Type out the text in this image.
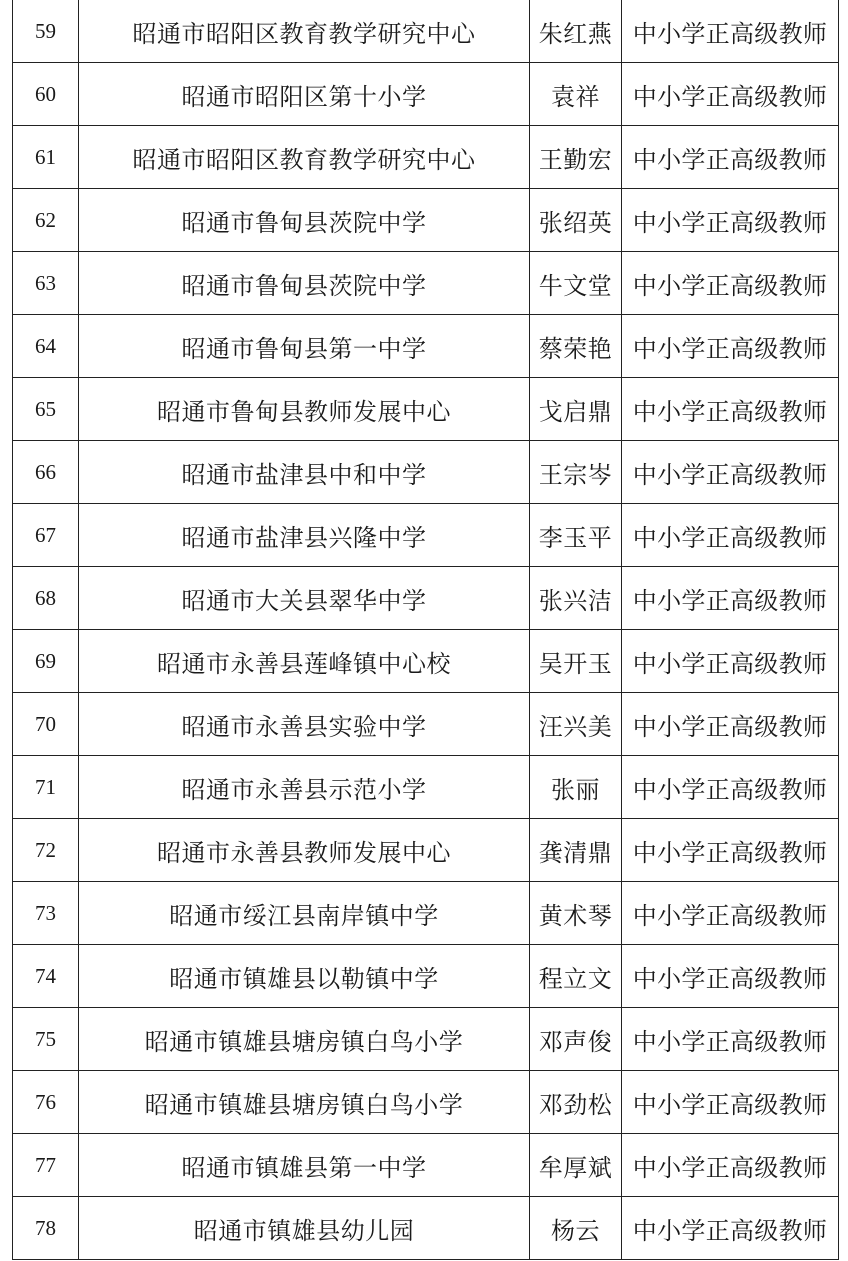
59	昭通市昭阳区教育教学研究中心	朱红燕	中小学正高级教师
60	昭通市昭阳区第十小学	袁祥	中小学正高级教师
61	昭通市昭阳区教育教学研究中心	王勤宏	中小学正高级教师
62	昭通市鲁甸县茨院中学	张绍英	中小学正高级教师
63	昭通市鲁甸县茨院中学	牛文堂	中小学正高级教师
64	昭通市鲁甸县第一中学	蔡荣艳	中小学正高级教师
65	昭通市鲁甸县教师发展中心	戈启鼎	中小学正高级教师
66	昭通市盐津县中和中学	王宗岑	中小学正高级教师
67	昭通市盐津县兴隆中学	李玉平	中小学正高级教师
68	昭通市大关县翠华中学	张兴洁	中小学正高级教师
69	昭通市永善县莲峰镇中心校	吴开玉	中小学正高级教师
70	昭通市永善县实验中学	汪兴美	中小学正高级教师
71	昭通市永善县示范小学	张丽	中小学正高级教师
72	昭通市永善县教师发展中心	龚清鼎	中小学正高级教师
73	昭通市绥江县南岸镇中学	黄术琴	中小学正高级教师
74	昭通市镇雄县以勒镇中学	程立文	中小学正高级教师
75	昭通市镇雄县塘房镇白鸟小学	邓声俊	中小学正高级教师
76	昭通市镇雄县塘房镇白鸟小学	邓劲松	中小学正高级教师
77	昭通市镇雄县第一中学	牟厚斌	中小学正高级教师
78	昭通市镇雄县幼儿园	杨云	中小学正高级教师
